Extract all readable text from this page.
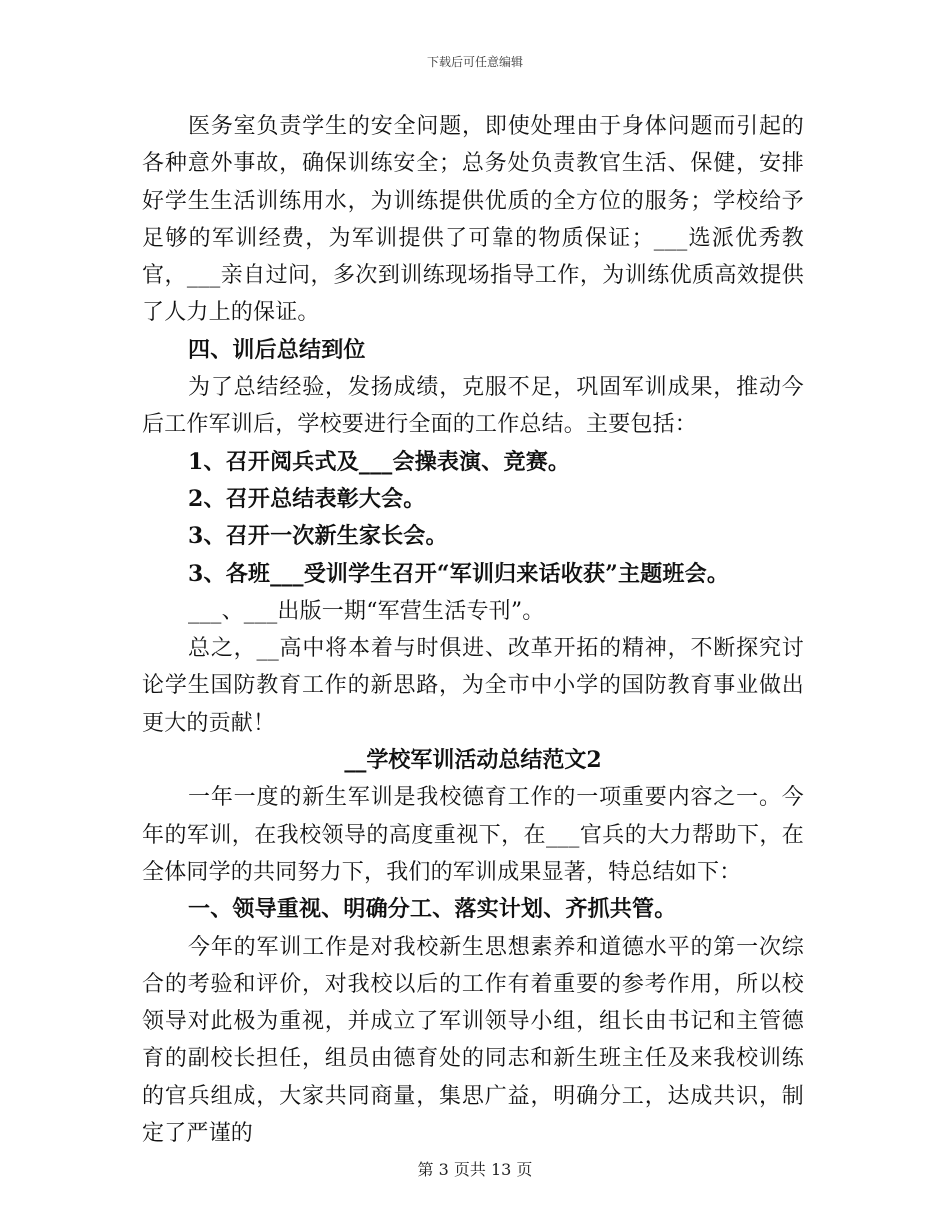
下载后可任意编辑

医务室负责学生的安全问题，即使处理由于身体问题而引起的各种意外事故，确保训练安全；总务处负责教官生活、保健，安排好学生生活训练用水，为训练提供优质的全方位的服务；学校给予足够的军训经费，为军训提供了可靠的物质保证；___选派优秀教官，___亲自过问，多次到训练现场指导工作，为训练优质高效提供了人力上的保证。

四、训后总结到位

为了总结经验，发扬成绩，克服不足，巩固军训成果，推动今后工作军训后，学校要进行全面的工作总结。主要包括：

1、召开阅兵式及___会操表演、竞赛。

2、召开总结表彰大会。

3、召开一次新生家长会。

3、各班___受训学生召开“军训归来话收获”主题班会。

___、___出版一期“军营生活专刊”。

总之，__高中将本着与时俱进、改革开拓的精神，不断探究讨论学生国防教育工作的新思路，为全市中小学的国防教育事业做出更大的贡献！

__学校军训活动总结范文2

一年一度的新生军训是我校德育工作的一项重要内容之一。今年的军训，在我校领导的高度重视下，在___官兵的大力帮助下，在全体同学的共同努力下，我们的军训成果显著，特总结如下：

一、领导重视、明确分工、落实计划、齐抓共管。

今年的军训工作是对我校新生思想素养和道德水平的第一次综合的考验和评价，对我校以后的工作有着重要的参考作用，所以校领导对此极为重视，并成立了军训领导小组，组长由书记和主管德育的副校长担任，组员由德育处的同志和新生班主任及来我校训练的官兵组成，大家共同商量，集思广益，明确分工，达成共识，制定了严谨的

第 3 页共 13 页
